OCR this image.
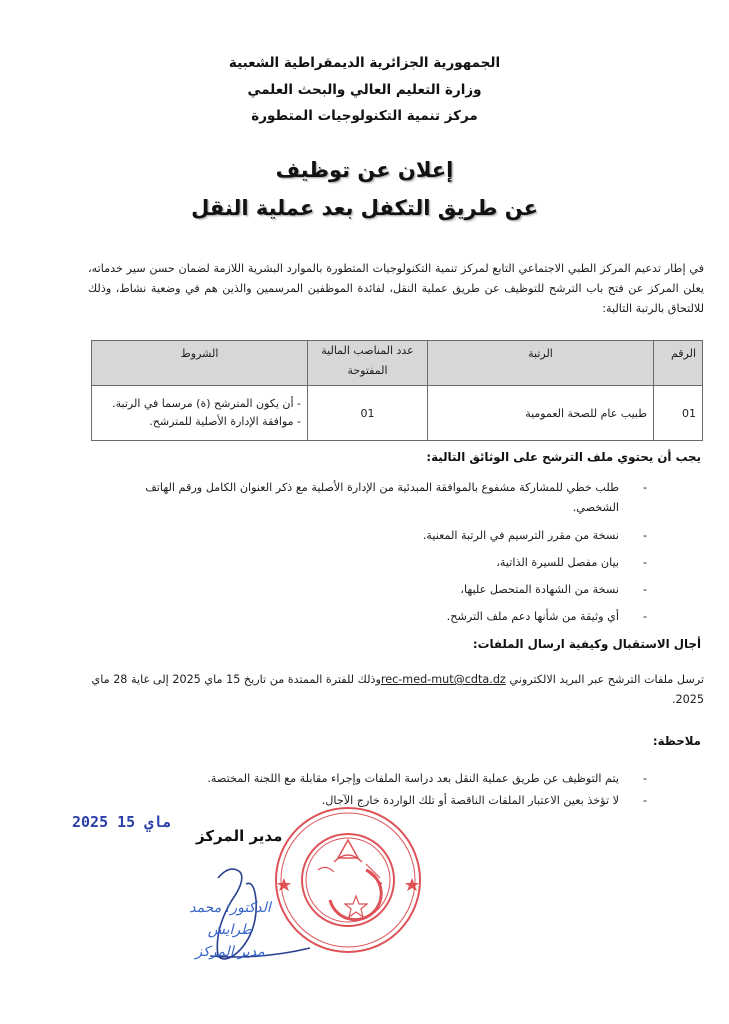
الجمهورية الجزائرية الديمقراطية الشعبية
وزارة التعليم العالي والبحث العلمي
مركز تنمية التكنولوجيات المتطورة
إعلان عن توظيف
عن طريق التكفل بعد عملية النقل
في إطار تدعيم المركز الطبي الاجتماعي التابع لمركز تنمية التكنولوجيات المتطورة بالموارد البشرية اللازمة لضمان حسن سير خدماته، يعلن المركز عن فتح باب الترشح للتوظيف عن طريق عملية النقل، لفائدة الموظفين المرسمين والذين هم في وضعية نشاط، وذلك للالتحاق بالرتبة التالية:
الرقم	الرتبة	عدد المناصب المالية المفتوحة	الشروط
01	طبيب عام للصحة العمومية	01	- أن يكون المترشح (ة) مرسما في الرتبة.
- موافقة الإدارة الأصلية للمترشح.
يجب أن يحتوي ملف الترشح على الوثائق التالية:
-
طلب خطي للمشاركة مشفوع بالموافقة المبدئية من الإدارة الأصلية مع ذكر العنوان الكامل ورقم الهاتف الشخصي.
-
نسخة من مقرر الترسيم في الرتبة المعنية.
-
بيان مفصل للسيرة الذاتية،
-
نسخة من الشهادة المتحصل عليها،
-
أي وثيقة من شأنها دعم ملف الترشح.
أجال الاستقبال وكيفية ارسال الملفات:
ترسل ملفات الترشح عبر البريد الالكتروني rec-med-mut@cdta.dzوذلك للفترة الممتدة من تاريخ 15 ماي 2025 إلى غاية 28 ماي 2025.
ملاحظة:
-
يتم التوظيف عن طريق عملية النقل بعد دراسة الملفات وإجراء مقابلة مع اللجنة المختصة.
-
لا تؤخذ بعين الاعتبار الملفات الناقصة أو تلك الواردة خارج الآجال.
2025 ماي 15
مدير المركز
الدكتور: محمد طرايش
مدير المركز
